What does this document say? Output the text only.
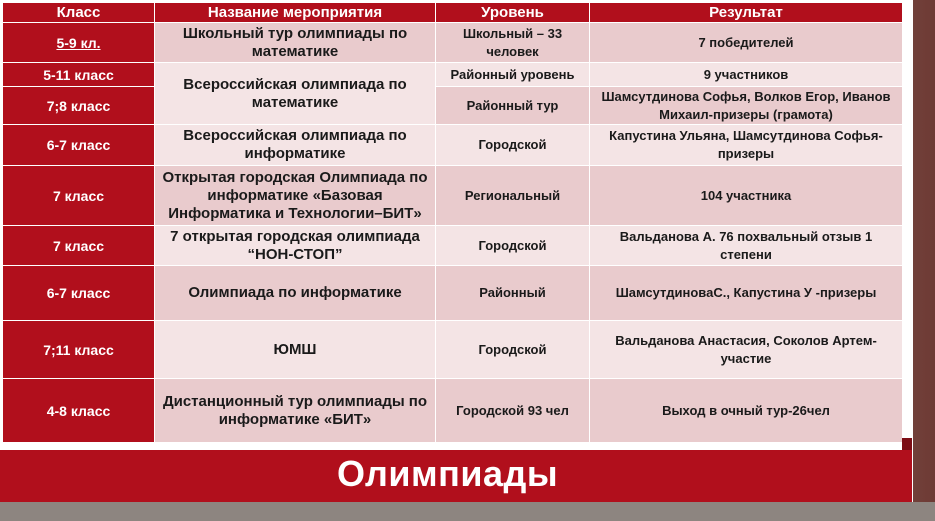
Класс	Название мероприятия	Уровень	Результат
5-9 кл.	Школьный тур олимпиады по математике	Школьный – 33 человек	7 победителей
5-11 класс	Всероссийская олимпиада по математике	Районный уровень	9 участников
7;8 класс		Районный тур	Шамсутдинова Софья, Волков Егор, Иванов Михаил-призеры (грамота)
6-7 класс	Всероссийская олимпиада по информатике	Городской	Капустина Ульяна, Шамсутдинова Софья-призеры
7 класс	Открытая городская Олимпиада по информатике «Базовая Информатика и Технологии–БИТ»	Региональный	104 участника
7 класс	7 открытая городская олимпиада “НОН-СТОП”	Городской	Вальданова А. 76 похвальный отзыв 1 степени
6-7 класс	Олимпиада по информатике	Районный	ШамсутдиноваС., Капустина У -призеры
7;11 класс	ЮМШ	Городской	Вальданова Анастасия, Соколов Артем- участие
4-8 класс	Дистанционный тур олимпиады по информатике «БИТ»	Городской 93 чел	Выход в очный тур-26чел
Олимпиады
